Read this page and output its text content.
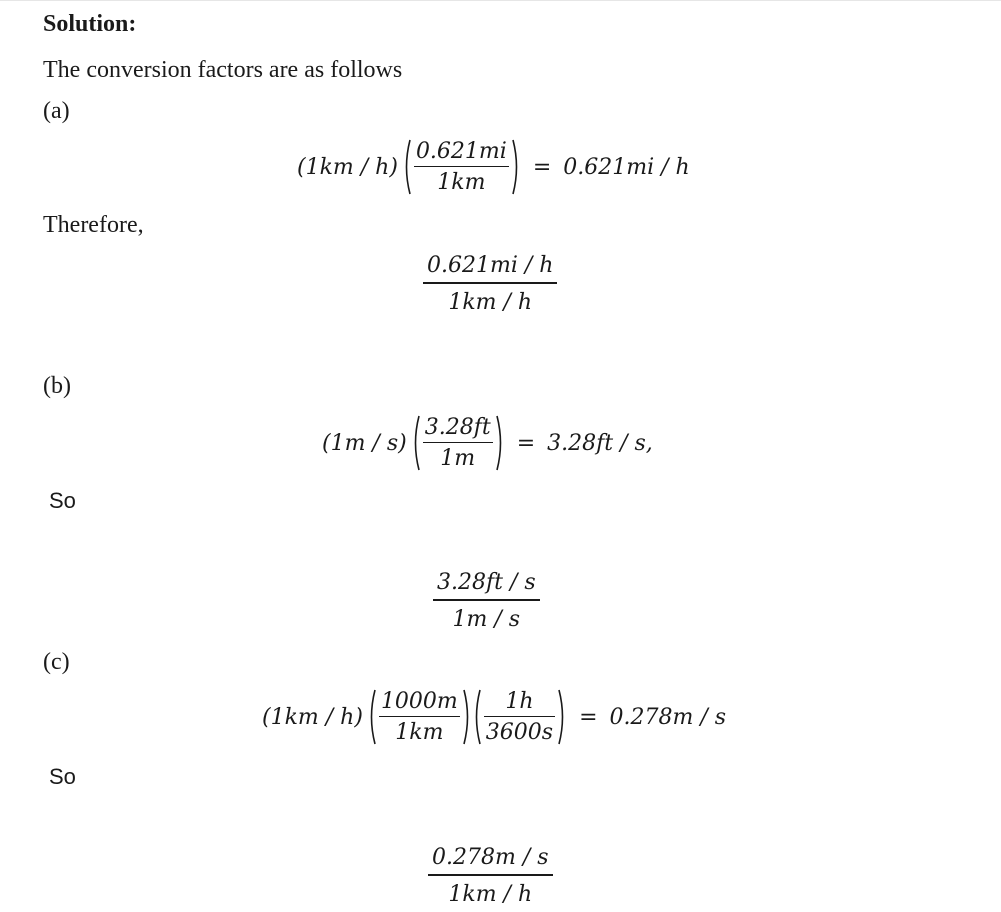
Solution:
The conversion factors are as follows
(a)
$(1km / h) \frac{0.621mi}{1km} = 0.621mi / h$
Therefore,
0.621mi / h
1km / h
(b)
$(1m / s) \frac{3.28ft}{1m} = 3.28ft / s$,
So
3.28ft / s
1m / s
(c)
$(1km / h) \frac{1000m}{1km} \frac{1h}{3600s} = 0.278m / s$
So
0.278m / s
1km / h
